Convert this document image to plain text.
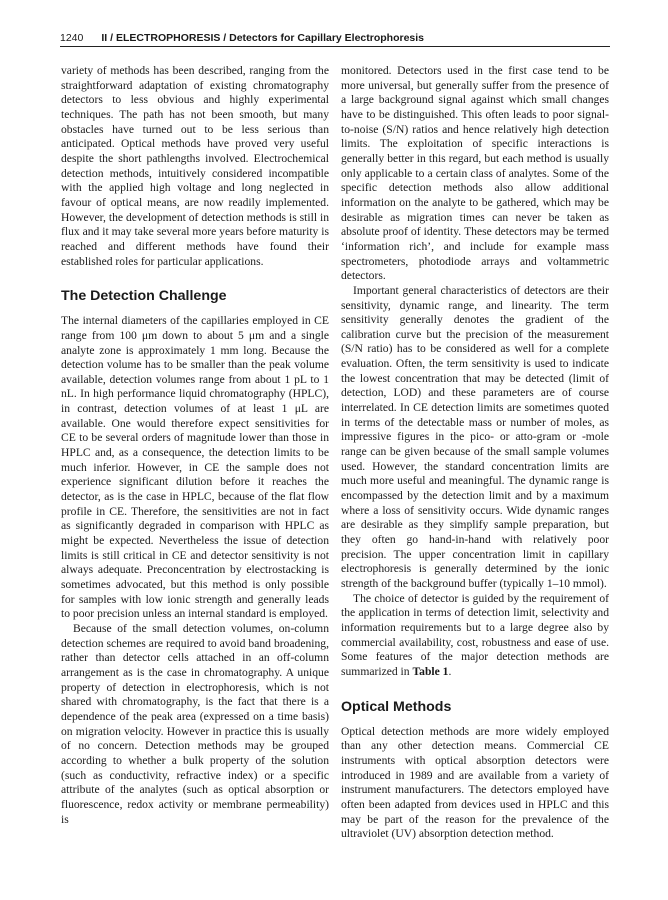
1240 II / ELECTROPHORESIS / Detectors for Capillary Electrophoresis

variety of methods has been described, ranging from the straightforward adaptation of existing chromatography detectors to less obvious and highly experimental techniques. The path has not been smooth, but many obstacles have turned out to be less serious than anticipated. Optical methods have proved very useful despite the short pathlengths involved. Electrochemical detection methods, intuitively considered incompatible with the applied high voltage and long neglected in favour of optical means, are now readily implemented. However, the development of detection methods is still in flux and it may take several more years before maturity is reached and different methods have found their established roles for particular applications.

The Detection Challenge

The internal diameters of the capillaries employed in CE range from 100 μm down to about 5 μm and a single analyte zone is approximately 1 mm long. Because the detection volume has to be smaller than the peak volume available, detection volumes range from about 1 pL to 1 nL. In high performance liquid chromatography (HPLC), in contrast, detection volumes of at least 1 μL are available. One would therefore expect sensitivities for CE to be several orders of magnitude lower than those in HPLC and, as a consequence, the detection limits to be much inferior. However, in CE the sample does not experience significant dilution before it reaches the detector, as is the case in HPLC, because of the flat flow profile in CE. Therefore, the sensitivities are not in fact as significantly degraded in comparison with HPLC as might be expected. Nevertheless the issue of detection limits is still critical in CE and detector sensitivity is not always adequate. Preconcentration by electrostacking is sometimes advocated, but this method is only possible for samples with low ionic strength and generally leads to poor precision unless an internal standard is employed.

Because of the small detection volumes, on-column detection schemes are required to avoid band broadening, rather than detector cells attached in an off-column arrangement as is the case in chromatography. A unique property of detection in electrophoresis, which is not shared with chromatography, is the fact that there is a dependence of the peak area (expressed on a time basis) on migration velocity. However in practice this is usually of no concern. Detection methods may be grouped according to whether a bulk property of the solution (such as conductivity, refractive index) or a specific attribute of the analytes (such as optical absorption or fluorescence, redox activity or membrane permeability) is

monitored. Detectors used in the first case tend to be more universal, but generally suffer from the presence of a large background signal against which small changes have to be distinguished. This often leads to poor signal-to-noise (S/N) ratios and hence relatively high detection limits. The exploitation of specific interactions is generally better in this regard, but each method is usually only applicable to a certain class of analytes. Some of the specific detection methods also allow additional information on the analyte to be gathered, which may be desirable as migration times can never be taken as absolute proof of identity. These detectors may be termed ‘information rich’, and include for example mass spectrometers, photodiode arrays and voltammetric detectors.

Important general characteristics of detectors are their sensitivity, dynamic range, and linearity. The term sensitivity generally denotes the gradient of the calibration curve but the precision of the measurement (S/N ratio) has to be considered as well for a complete evaluation. Often, the term sensitivity is used to indicate the lowest concentration that may be detected (limit of detection, LOD) and these parameters are of course interrelated. In CE detection limits are sometimes quoted in terms of the detectable mass or number of moles, as impressive figures in the pico- or atto-gram or -mole range can be given because of the small sample volumes used. However, the standard concentration limits are much more useful and meaningful. The dynamic range is encompassed by the detection limit and by a maximum where a loss of sensitivity occurs. Wide dynamic ranges are desirable as they simplify sample preparation, but they often go hand-in-hand with relatively poor precision. The upper concentration limit in capillary electrophoresis is generally determined by the ionic strength of the background buffer (typically 1–10 mmol).

The choice of detector is guided by the requirement of the application in terms of detection limit, selectivity and information requirements but to a large degree also by commercial availability, cost, robustness and ease of use. Some features of the major detection methods are summarized in Table 1.

Optical Methods

Optical detection methods are more widely employed than any other detection means. Commercial CE instruments with optical absorption detectors were introduced in 1989 and are available from a variety of instrument manufacturers. The detectors employed have often been adapted from devices used in HPLC and this may be part of the reason for the prevalence of the ultraviolet (UV) absorption detection method.
